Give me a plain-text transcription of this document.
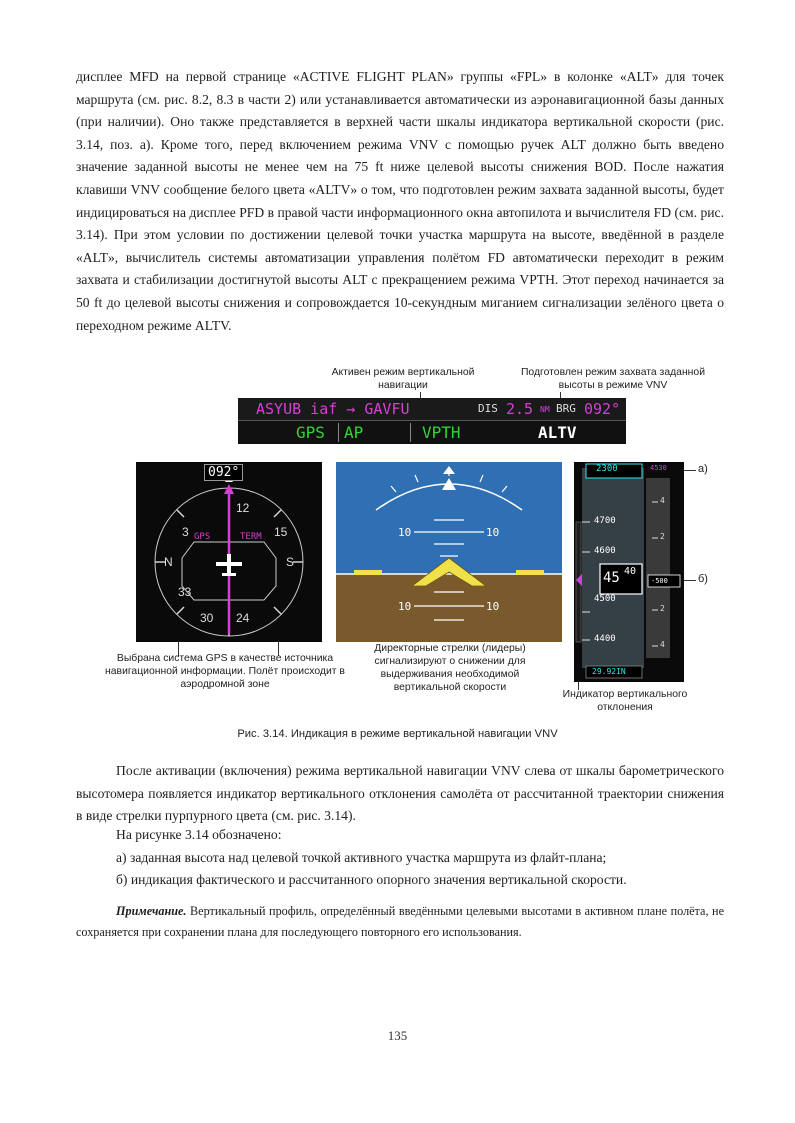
дисплее MFD на первой странице «ACTIVE FLIGHT PLAN» группы «FPL» в колонке «ALT» для точек маршрута (см. рис. 8.2, 8.3 в части 2) или устанавливается автоматически из аэронавигационной базы данных (при наличии). Оно также представляется в верхней части шкалы индикатора вертикальной скорости (рис. 3.14, поз. а). Кроме того, перед включением режима VNV с помощью ручек ALT должно быть введено значение заданной высоты не менее чем на 75 ft ниже целевой высоты снижения BOD. После нажатия клавиши VNV сообщение белого цвета «ALTV» о том, что подготовлен режим захвата заданной высоты, будет индицироваться на дисплее PFD в правой части информационного окна автопилота и вычислителя FD (см. рис. 3.14). При этом условии по достижении целевой точки участка маршрута на высоте, введённой в разделе «ALT», вычислитель системы автоматизации управления полётом FD автоматически переходит в режим захвата и стабилизации достигнутой высоты ALT с прекращением режима VPTH. Этот переход начинается за 50 ft до целевой высоты снижения и сопровождается 10-секундным миганием сигнализации зелёного цвета о переходном режиме ALTV.

Активен режим вертикальной навигации
Подготовлен режим захвата заданной высоты в режиме VNV
ASYUB iaf → GAVFU	DIS 2.5 NM BRG 092°
GPS AP	VPTH	ALTV
12
S
N
24
30
3	15
33
092°
GPS	TERM	10	10
10	10
2300	4530
4700
4600
45 40
4500
4400
-500
4
2
2
4
29.92IN
a)
б)
Выбрана система GPS в качестве источника навигационной информации. Полёт происходит в аэродромной зоне
Директорные стрелки (лидеры) сигнализируют о снижении для выдерживания необходимой вертикальной скорости
Индикатор вертикального отклонения
Рис. 3.14. Индикация в режиме вертикальной навигации VNV

После активации (включения) режима вертикальной навигации VNV слева от шкалы барометрического высотомера появляется индикатор вертикального отклонения самолёта от рассчитанной траектории снижения в виде стрелки пурпурного цвета (см. рис. 3.14).

На рисунке 3.14 обозначено:

а) заданная высота над целевой точкой активного участка маршрута из флайт-плана;

б) индикация фактического и рассчитанного опорного значения вертикальной скорости.

Примечание. Вертикальный профиль, определённый введёнными целевыми высотами в активном плане полёта, не сохраняется при сохранении плана для последующего повторного его использования.

135
